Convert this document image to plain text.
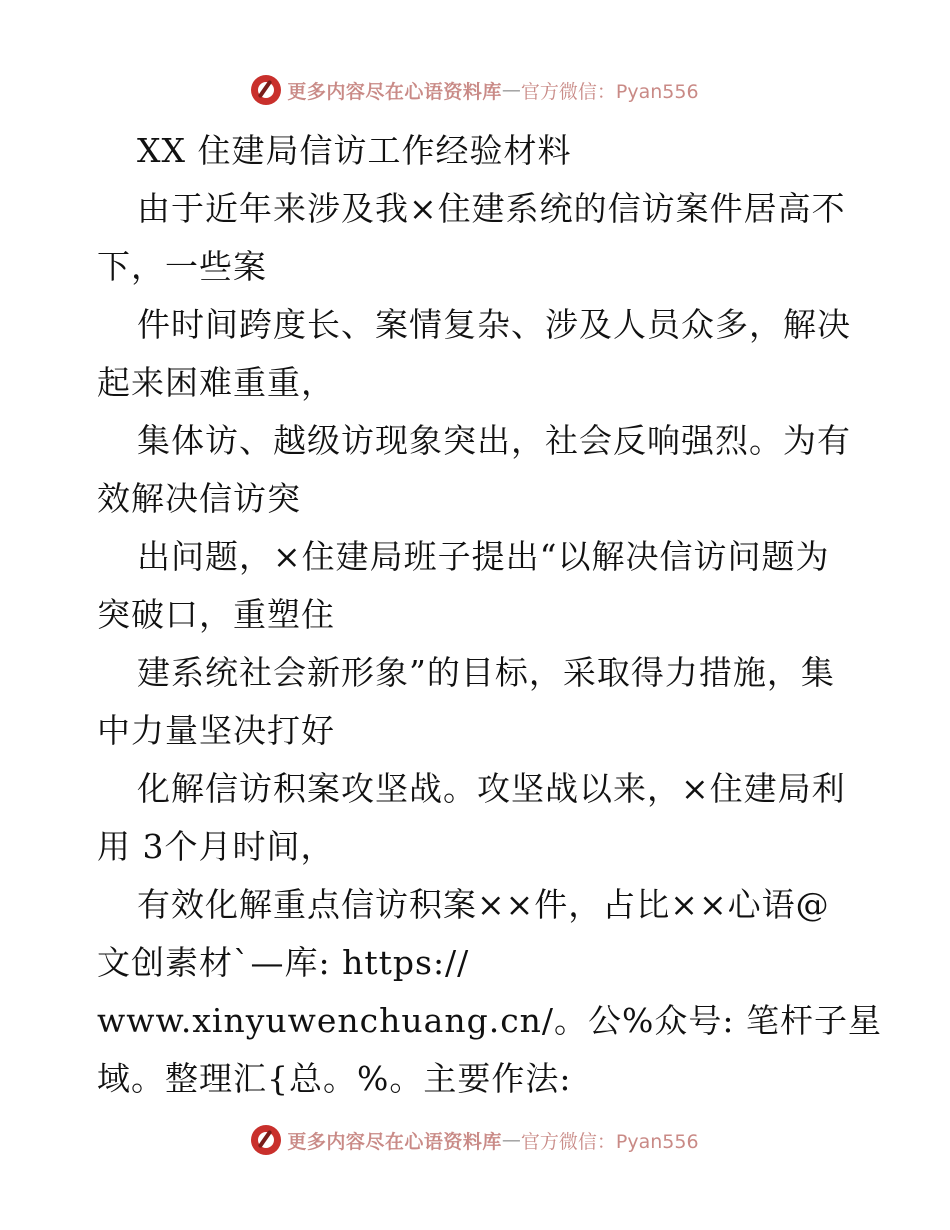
更多内容尽在心语资料库 — 官方微信：Pyan556
XX 住建局信访工作经验材料
由于近年来涉及我×住建系统的信访案件居高不
下，一些案
件时间跨度长、案情复杂、涉及人员众多，解决
起来困难重重，
集体访、越级访现象突出，社会反响强烈。为有
效解决信访突
出问题，×住建局班子提出“以解决信访问题为
突破口，重塑住
建系统社会新形象”的目标，采取得力措施，集
中力量坚决打好
化解信访积案攻坚战。攻坚战以来，×住建局利
用 3个月时间，
有效化解重点信访积案××件，占比××心语@
文创素材`—库: https://
www.xinyuwenchuang.cn/。公%众号: 笔杆子星
域。整理汇{总。%。主要作法:
更多内容尽在心语资料库 — 官方微信：Pyan556
